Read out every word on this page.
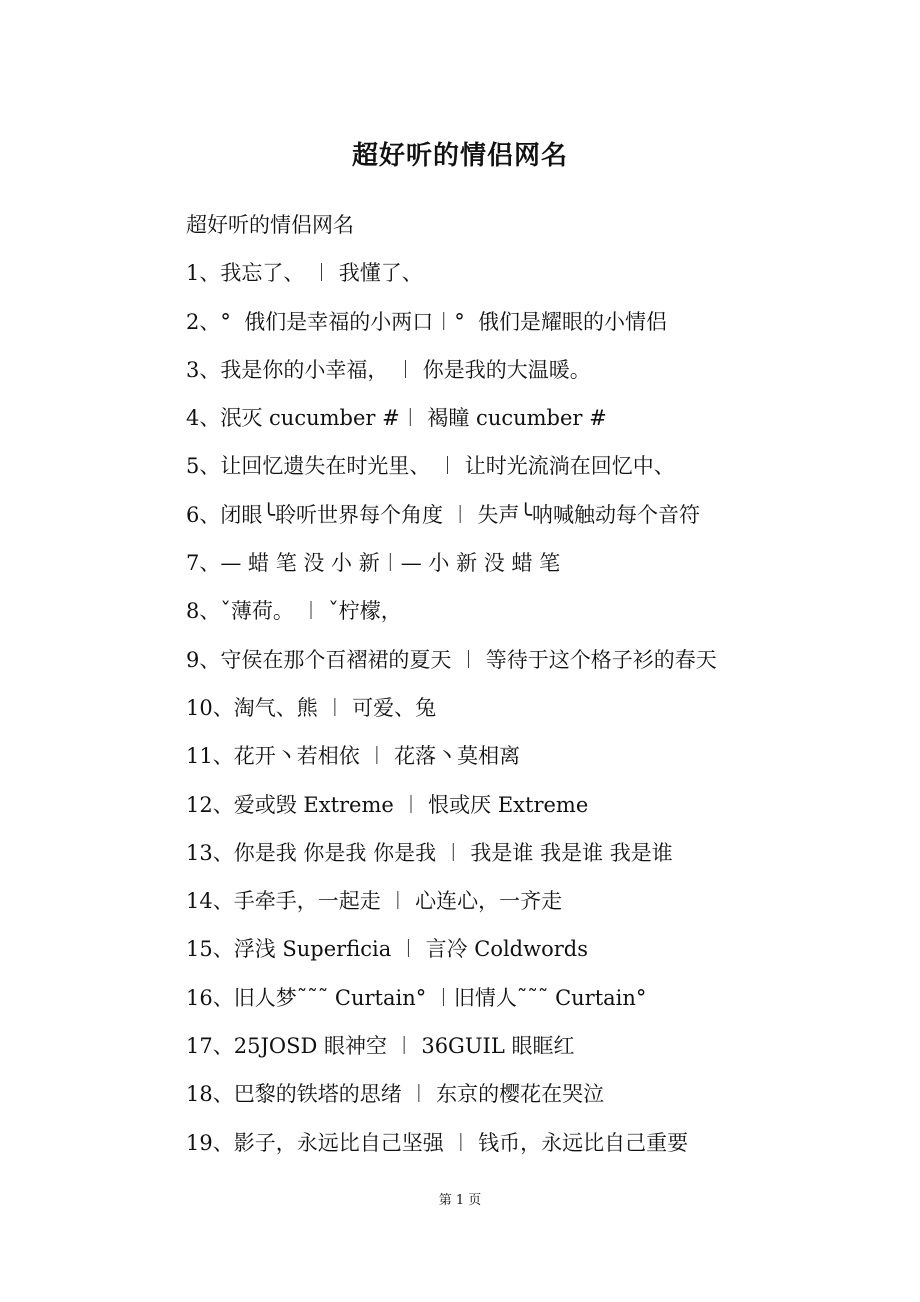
超好听的情侣网名
超好听的情侣网名
1、我忘了、 ︱ 我懂了、
2、°  俄们是幸福的小两口︱°  俄们是耀眼的小情侣
3、我是你的小幸福， ︱ 你是我的大温暖。
4、泯灭 cucumber #︱ 褐瞳 cucumber #
5、让回忆遗失在时光里、 ︱ 让时光流淌在回忆中、
6、闭眼╰聆听世界每个角度 ︱ 失声╰呐喊触动每个音符
7、— 蜡 笔 没 小 新︱— 小 新 没 蜡 笔
8、ˇ薄荷。 ︱ ˇ柠檬，
9、守侯在那个百褶裙的夏天 ︱ 等待于这个格子衫的春天
10、淘气、熊 ︱ 可爱、兔
11、花开丶若相依 ︱ 花落丶莫相离
12、爱或毁 Extreme ︱ 恨或厌 Extreme
13、你是我 你是我 你是我 ︱ 我是谁 我是谁 我是谁
14、手牵手，一起走 ︱ 心连心，一齐走
15、浮浅 Superficia ︱ 言冷 Coldwords
16、旧人梦˜˜˜ Curtain° ︱旧情人˜˜˜ Curtain°
17、25JOSD 眼神空 ︱ 36GUIL 眼眶红
18、巴黎的铁塔的思绪 ︱ 东京的樱花在哭泣
19、影子，永远比自己坚强 ︱ 钱币，永远比自己重要
第 1 页
